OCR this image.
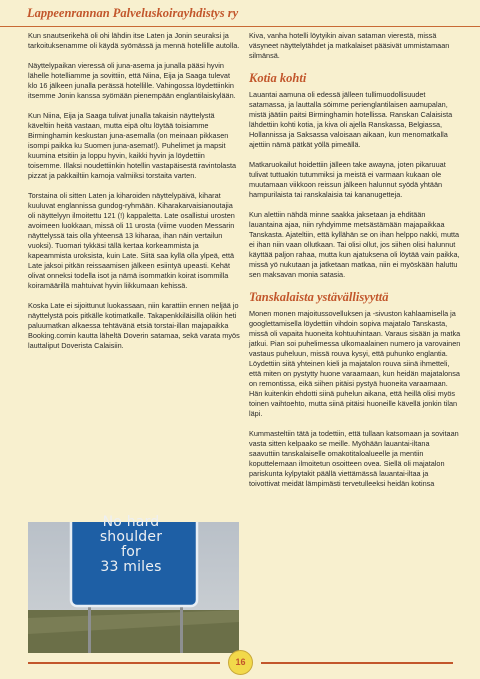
Lappeenrannan Palveluskoirayhdistys ry

Kun snautserikehä oli ohi lähdin itse Laten ja Jonin seuraksi ja tarkoituksenamme oli käydä syömässä ja mennä hotellille autolla.

Näyttelypaikan vieressä oli juna-asema ja junalla pääsi hyvin lähelle hotelliamme ja sovittiin, että Niina, Eija ja Saaga tulevat klo 16 jälkeen junalla perässä hotellille. Vahingossa löydettiinkin itsemme Jonin kanssa syömään pienempään englantilaiskylään.

Kun Niina, Eija ja Saaga tulivat junalla takaisin näyttelystä käveltiin heitä vastaan, mutta eipä oltu löytää toisiamme Birminghamin keskustan juna-asemalla (on meinaan pikkasen isompi paikka ku Suomen juna-asemat!). Puhelimet ja mapsit kuumina etsitiin ja loppu hyvin, kaikki hyvin ja löydettiin toisemme. Illaksi noudettiinkin hotellin vastapäisestä ravintolasta pizzat ja pakkailtiin kamoja valmiiksi torstaita varten.

Torstaina oli sitten Laten ja kiharoiden näyttelypäivä, kiharat kuuluvat englannissa gundog-ryhmään. Kiharakarvaisianoutajia oli näyttelyyn ilmoitettu 121 (!) kappaletta. Late osallistui urosten avoimeen luokkaan, missä oli 11 urosta (viime vuoden Messarin näyttelyssä tais olla yhteensä 13 kiharaa, ihan näin vertailun vuoksi). Tuomari tykkäsi tällä kertaa korkeammista ja kapeammista uroksista, kuin Late. Siitä saa kyllä olla ylpeä, että Late jaksoi pitkän reissaamisen jälkeen esiintyä upeasti. Kehät olivat onneksi todella isot ja nämä isommatkin koirat isommilla koiramäärillä mahtuivat hyvin liikkumaan kehissä.

Koska Late ei sijoittunut luokassaan, niin karattiin ennen neljää jo näyttelystä pois pitkälle kotimatkalle. Takapenkkiläisillä olikin heti paluumatkan alkaessa tehtävänä etsiä torstai-illan majapaikka Booking.comin kautta läheltä Doverin satamaa, sekä varata myös lauttaliput Doverista Calaisiin.

No hard
shoulder
for
33 miles

Kiva, vanha hotelli löytyikin aivan sataman vierestä, missä väsyneet näyttelytähdet ja matkalaiset pääsivät ummistamaan silmänsä.

Kotia kohti

Lauantai aamuna oli edessä jälleen tullimuodollisuudet satamassa, ja lauttalla söimme perienglantilaisen aamupalan, mistä jäätiin paitsi Birminghamin hotellissa. Ranskan Calaisista lähdettiin kohti kotia, ja kiva oli ajella Ranskassa, Belgiassa, Hollannissa ja Saksassa valoisaan aikaan, kun menomatkalla ajettiin nämä pätkät yöllä pimeällä.

Matkaruokailut hoidettiin jälleen take awayna, joten pikaruuat tulivat tuttuakin tutummiksi ja meistä ei varmaan kukaan ole muutamaan viikkoon reissun jälkeen halunnut syödä yhtään hampurilaista tai ranskalaisia tai kananugetteja.

Kun alettiin nähdä minne saakka jaksetaan ja ehditään lauantaina ajaa, niin ryhdyimme metsästämään majapaikkaa Tanskasta. Ajateltiin, että kyllähän se on ihan helppo nakki, mutta ei ihan niin vaan ollutkaan. Tai olisi ollut, jos siihen olisi halunnut käyttää paljon rahaa, mutta kun ajatuksena oli löytää vain paikka, missä yö nukutaan ja jatketaan matkaa, niin ei myöskään haluttu sen maksavan monia satasia.

Tanskalaista ystävällisyyttä

Monen monen majoitussovelluksen ja -sivuston kahlaamisella ja googlettamisella löydettiin vihdoin sopiva majatalo Tanskasta, missä oli vapaita huoneita kohtuuhintaan. Varaus sisään ja matka jatkui. Pian soi puhelimessa ulkomaalainen numero ja varovainen vastaus puheluun, missä rouva kysyi, että puhunko englantia. Löydettiin siitä yhteinen kieli ja majatalon rouva siinä ihmetteli, että miten on pystytty huone varaamaan, kun heidän majatalonsa on remontissa, eikä siihen pitäisi pystyä huoneita varaamaan. Hän kuitenkin ehdotti siinä puhelun aikana, että heillä olisi myös toinen vaihtoehto, mutta siinä pitäisi huoneille kävellä jonkin tilan läpi.

Kummasteltiin tätä ja todettiin, että tullaan katsomaan ja sovitaan vasta sitten kelpaako se meille. Myöhään lauantai-iltana saavuttiin tanskalaiselle omakotitaloalueelle ja mentiin koputtelemaan ilmoitetun osoitteen ovea. Siellä oli majatalon pariskunta kylpytakit päällä viettämässä lauantai-iltaa ja toivottivat meidät lämpimästi tervetulleeksi heidän kotinsa

16
